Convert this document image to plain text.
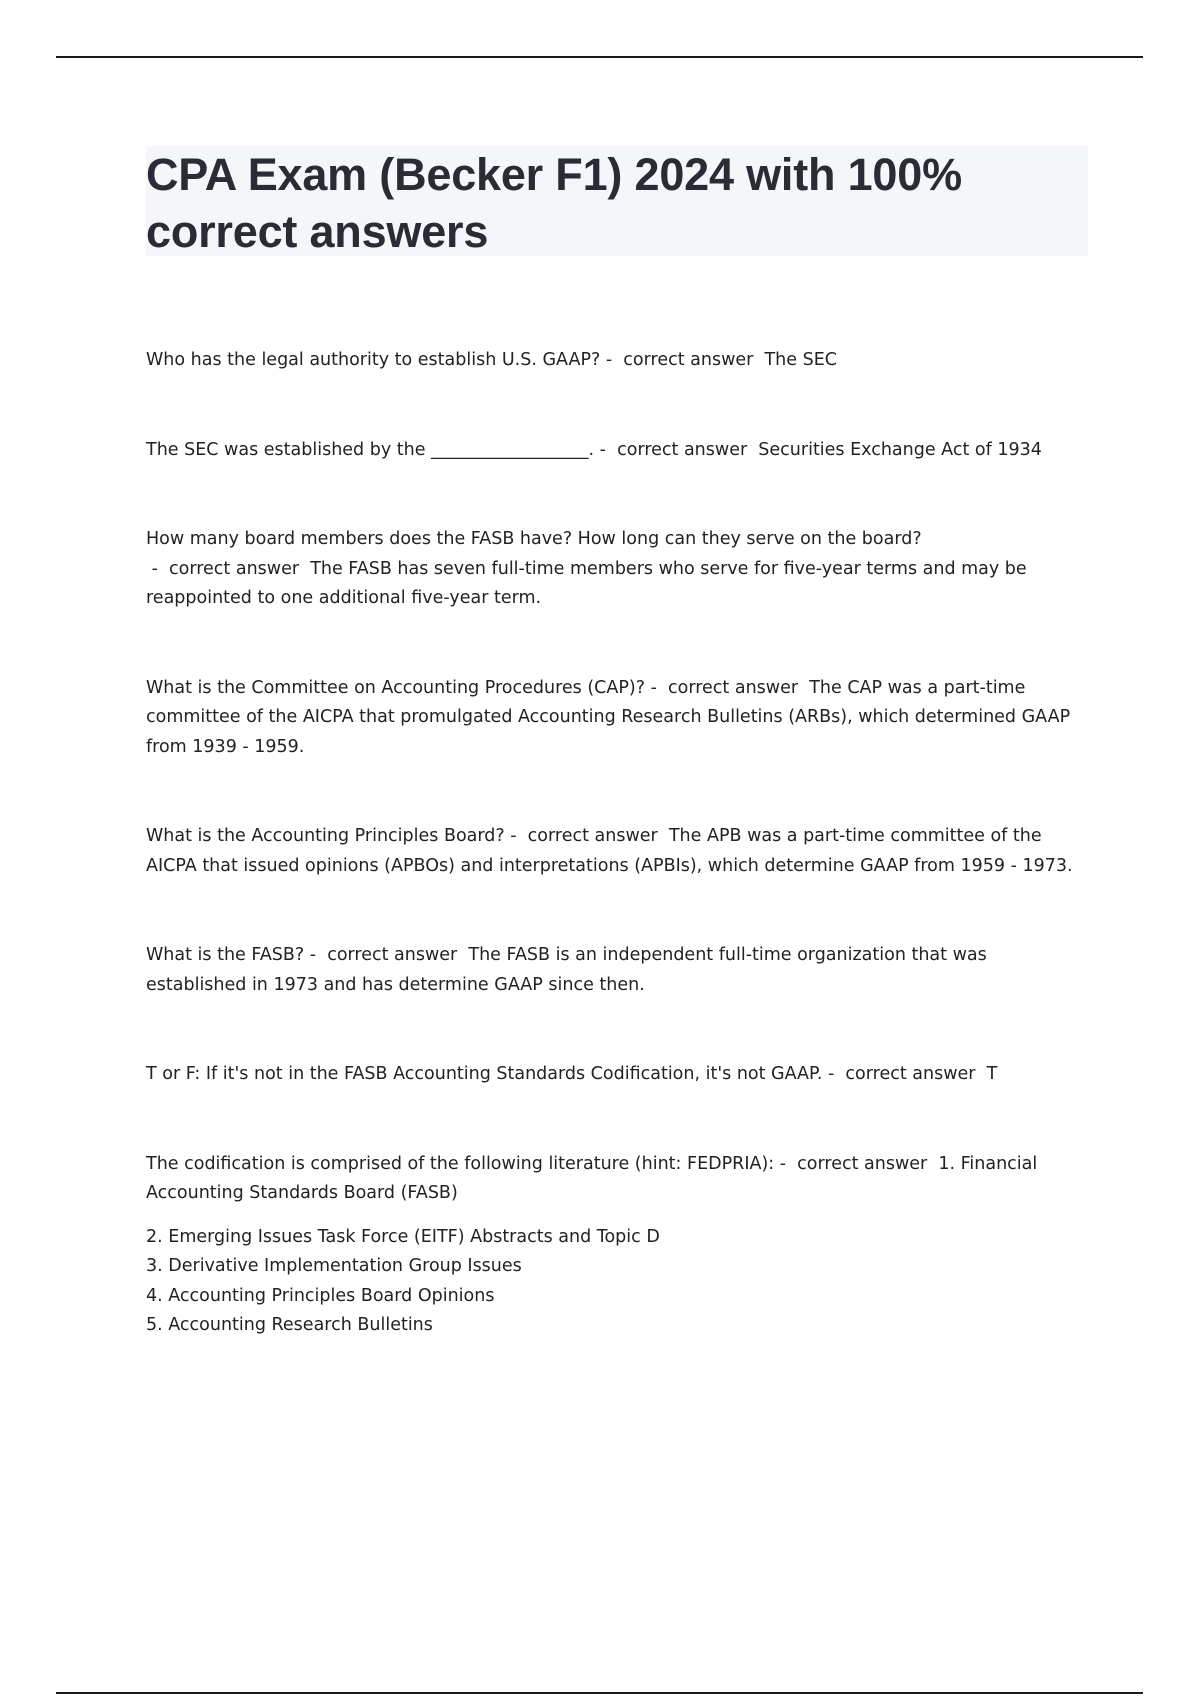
CPA Exam (Becker F1) 2024 with 100% correct answers

Who has the legal authority to establish U.S. GAAP? -  correct answer  The SEC

The SEC was established by the __________________. -  correct answer  Securities Exchange Act of 1934

How many board members does the FASB have? How long can they serve on the board? -  correct answer  The FASB has seven full-time members who serve for five-year terms and may be reappointed to one additional five-year term.

What is the Committee on Accounting Procedures (CAP)? -  correct answer  The CAP was a part-time committee of the AICPA that promulgated Accounting Research Bulletins (ARBs), which determined GAAP from 1939 - 1959.

What is the Accounting Principles Board? -  correct answer  The APB was a part-time committee of the AICPA that issued opinions (APBOs) and interpretations (APBIs), which determine GAAP from 1959 - 1973.

What is the FASB? -  correct answer  The FASB is an independent full-time organization that was established in 1973 and has determine GAAP since then.

T or F: If it's not in the FASB Accounting Standards Codification, it's not GAAP. -  correct answer  T

The codification is comprised of the following literature (hint: FEDPRIA): -  correct answer  1. Financial Accounting Standards Board (FASB)

2. Emerging Issues Task Force (EITF) Abstracts and Topic D

3. Derivative Implementation Group Issues

4. Accounting Principles Board Opinions

5. Accounting Research Bulletins
